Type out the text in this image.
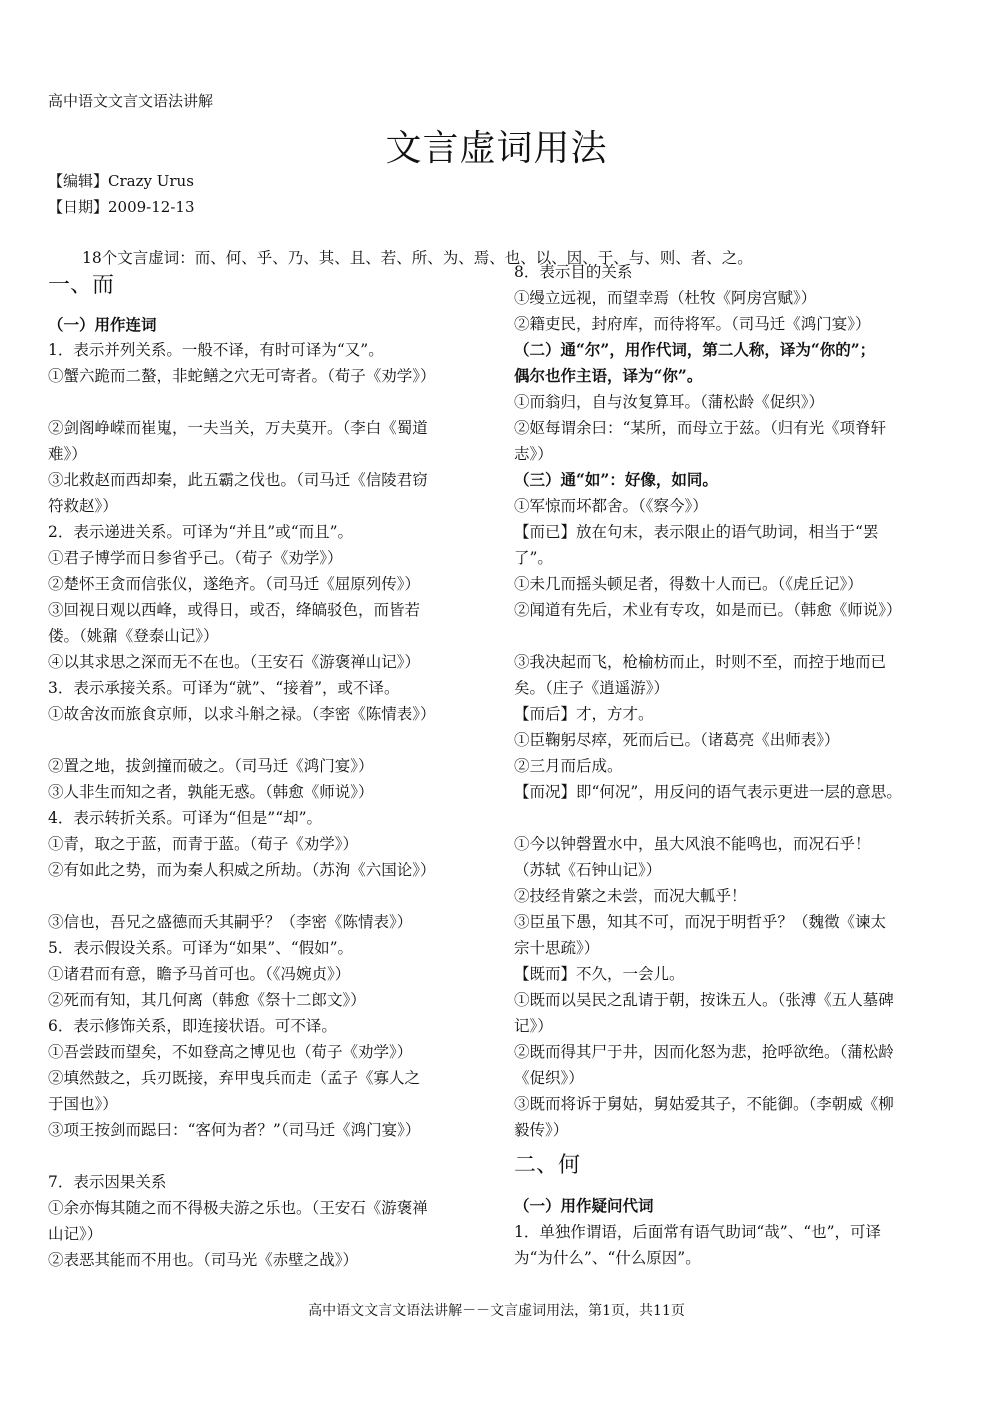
高中语文文言文语法讲解
文言虚词用法
【编辑】Crazy Urus
【日期】2009-12-13
18个文言虚词：而、何、乎、乃、其、且、若、所、为、焉、也、以、因、于、与、则、者、之。
一、而
（一）用作连词
1．表示并列关系。一般不译，有时可译为“又”。
①蟹六跪而二螯，非蛇鳝之穴无可寄者。（荀子《劝学》）
②剑阁峥嵘而崔嵬，一夫当关，万夫莫开。（李白《蜀道
难》）
③北救赵而西却秦，此五霸之伐也。（司马迁《信陵君窃
符救赵》）
2．表示递进关系。可译为“并且”或“而且”。
①君子博学而日参省乎己。（荀子《劝学》）
②楚怀王贪而信张仪，遂绝齐。（司马迁《屈原列传》）
③回视日观以西峰，或得日，或否，绛皜驳色，而皆若
偻。（姚鼐《登泰山记》）
④以其求思之深而无不在也。（王安石《游褒禅山记》）
3．表示承接关系。可译为“就”、“接着”，或不译。
①故舍汝而旅食京师，以求斗斛之禄。（李密《陈情表》）
②置之地，拔剑撞而破之。（司马迁《鸿门宴》）
③人非生而知之者，孰能无惑。（韩愈《师说》）
4．表示转折关系。可译为“但是”“却”。
①青，取之于蓝，而青于蓝。（荀子《劝学》）
②有如此之势，而为秦人积威之所劫。（苏洵《六国论》）
③信也，吾兄之盛德而夭其嗣乎？（李密《陈情表》）
5．表示假设关系。可译为“如果”、“假如”。
①诸君而有意，瞻予马首可也。（《冯婉贞》）
②死而有知，其几何离（韩愈《祭十二郎文》）
6．表示修饰关系，即连接状语。可不译。
①吾尝跂而望矣，不如登高之博见也（荀子《劝学》）
②填然鼓之，兵刃既接，弃甲曳兵而走（孟子《寡人之
于国也》）
③项王按剑而跽曰：“客何为者？”（司马迁《鸿门宴》）
7．表示因果关系
①余亦悔其随之而不得极夫游之乐也。（王安石《游褒禅
山记》）
②表恶其能而不用也。（司马光《赤壁之战》）
8．表示目的关系
①缦立远视，而望幸焉（杜牧《阿房宫赋》）
②籍吏民，封府库，而待将军。（司马迁《鸿门宴》）
（二）通“尔”，用作代词，第二人称，译为“你的”；
偶尔也作主语，译为“你”。
①而翁归，自与汝复算耳。（蒲松龄《促织》）
②妪每谓余曰：“某所，而母立于兹。（归有光《项脊轩
志》）
（三）通“如”：好像，如同。
①军惊而坏都舍。（《察今》）
【而已】放在句末，表示限止的语气助词，相当于“罢
了”。
①未几而摇头顿足者，得数十人而已。（《虎丘记》）
②闻道有先后，术业有专攻，如是而已。（韩愈《师说》）
③我决起而飞，枪榆枋而止，时则不至，而控于地而已
矣。（庄子《逍遥游》）
【而后】才，方才。
①臣鞠躬尽瘁，死而后已。（诸葛亮《出师表》）
②三月而后成。
【而况】即“何况”，用反问的语气表示更进一层的意思。
①今以钟磬置水中，虽大风浪不能鸣也，而况石乎！
（苏轼《石钟山记》）
②技经肯綮之未尝，而况大軱乎！
③臣虽下愚，知其不可，而况于明哲乎？（魏徵《谏太
宗十思疏》）
【既而】不久，一会儿。
①既而以吴民之乱请于朝，按诛五人。（张溥《五人墓碑
记》）
②既而得其尸于井，因而化怒为悲，抢呼欲绝。（蒲松龄
《促织》）
③既而将诉于舅姑，舅姑爱其子，不能御。（李朝威《柳
毅传》）
二、何
（一）用作疑问代词
1．单独作谓语，后面常有语气助词“哉”、“也”，可译
为“为什么”、“什么原因”。
高中语文文言文语法讲解－－文言虚词用法，第1页，共11页
